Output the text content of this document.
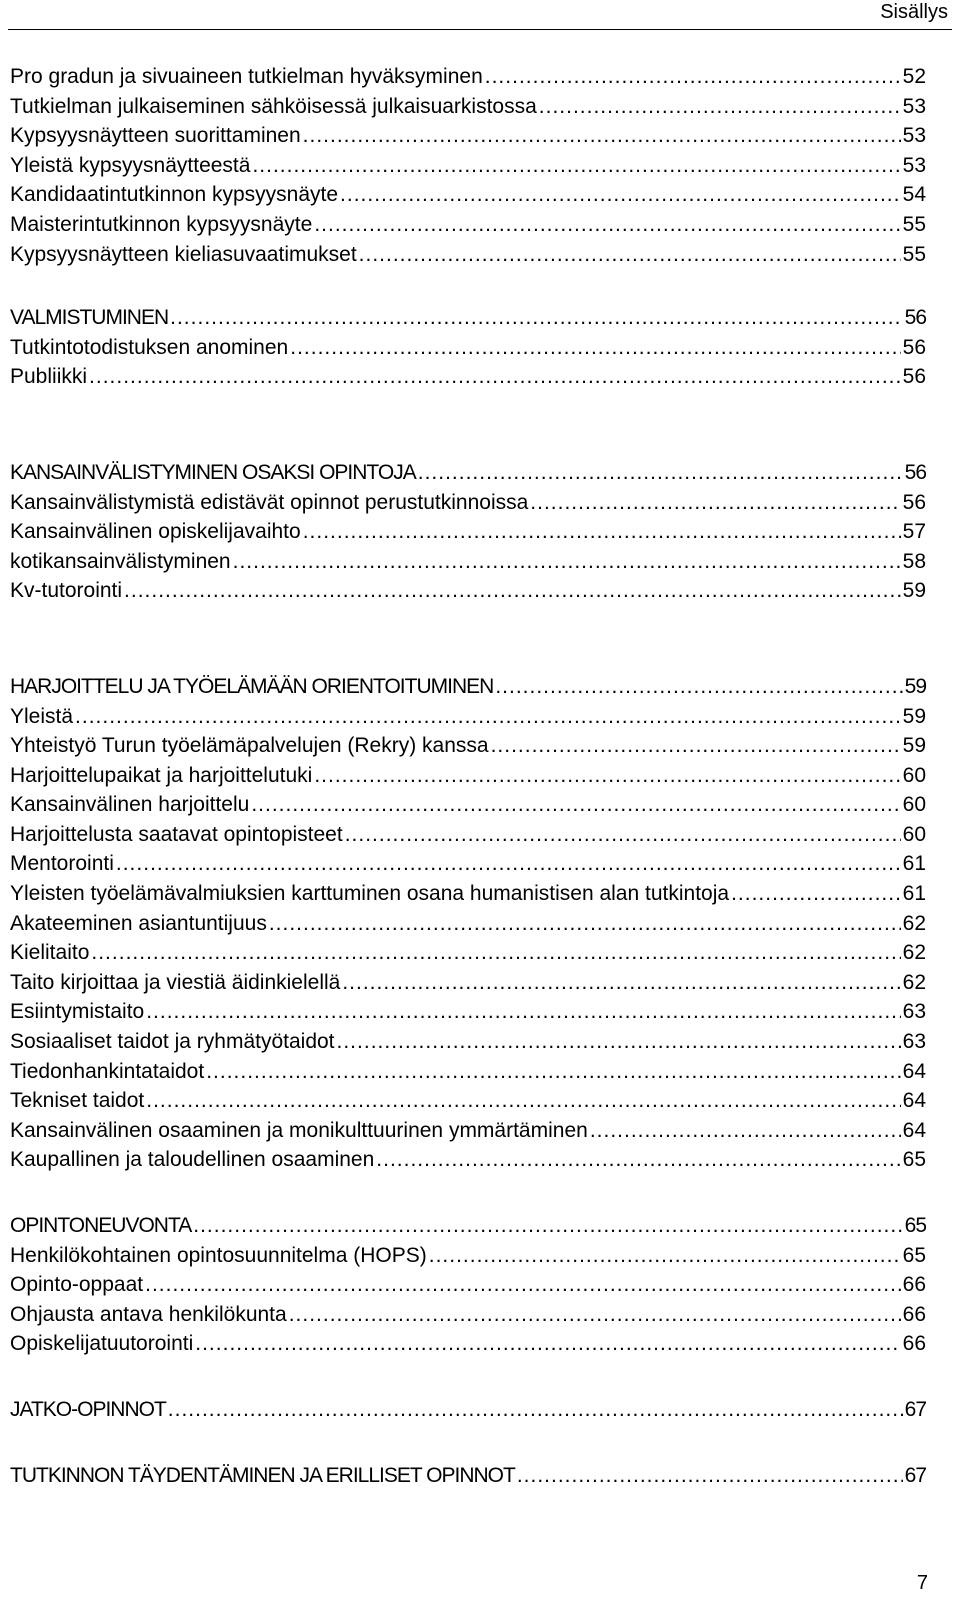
Sisällys
Pro gradun ja sivuaineen tutkielman hyväksyminen .....	52
Tutkielman julkaiseminen sähköisessä julkaisuarkistossa .....	53
Kypsyysnäytteen suorittaminen .....	53
Yleistä kypsyysnäytteestä .....	53
Kandidaatintutkinnon kypsyysnäyte .....	54
Maisterintutkinnon kypsyysnäyte .....	55
Kypsyysnäytteen kieliasuvaatimukset .....	55
VALMISTUMINEN .....	56
Tutkintotodistuksen anominen .....	56
Publiikki .....	56
KANSAINVÄLISTYMINEN OSAKSI OPINTOJA .....	56
Kansainvälistymistä edistävät opinnot perustutkinnoissa .....	56
Kansainvälinen opiskelijavaihto .....	57
kotikansainvälistyminen .....	58
Kv-tutorointi .....	59
HARJOITTELU JA TYÖELÄMÄÄN ORIENTOITUMINEN .....	59
Yleistä .....	59
Yhteistyö Turun työelämäpalvelujen (Rekry) kanssa .....	59
Harjoittelupaikat ja harjoittelutuki .....	60
Kansainvälinen harjoittelu .....	60
Harjoittelusta saatavat opintopisteet .....	60
Mentorointi .....	61
Yleisten työelämävalmiuksien karttuminen osana humanistisen alan tutkintoja .....	61
Akateeminen asiantuntijuus .....	62
Kielitaito .....	62
Taito kirjoittaa ja viestiä äidinkielellä .....	62
Esiintymistaito .....	63
Sosiaaliset taidot ja ryhmätyötaidot .....	63
Tiedonhankintataidot .....	64
Tekniset taidot .....	64
Kansainvälinen osaaminen ja monikulttuurinen ymmärtäminen .....	64
Kaupallinen ja taloudellinen osaaminen .....	65
OPINTONEUVONTA .....	65
Henkilökohtainen opintosuunnitelma (HOPS) .....	65
Opinto-oppaat .....	66
Ohjausta antava henkilökunta .....	66
Opiskelijatuutorointi .....	66
JATKO-OPINNOT .....	67
TUTKINNON TÄYDENTÄMINEN JA ERILLISET OPINNOT .....	67
7
